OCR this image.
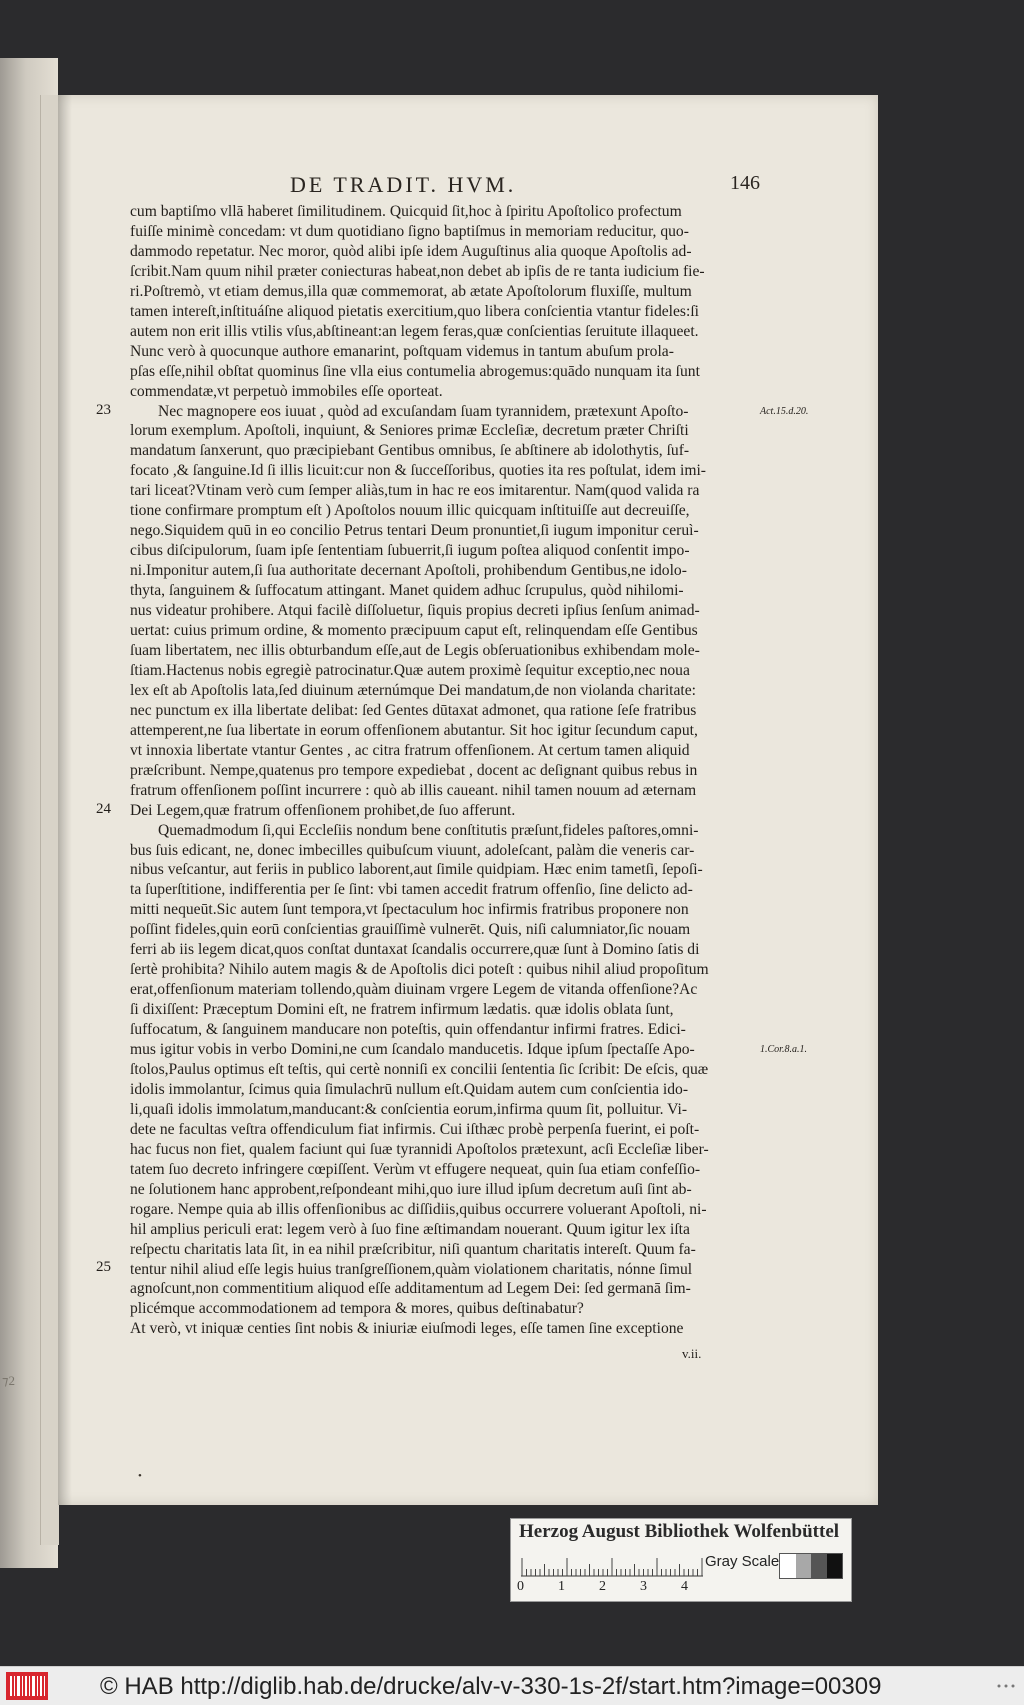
⁊2
DE TRADIT. HVM.	146
cum baptiſmo vllā haberet ſimilitudinem. Quicquid ſit,hoc à ſpiritu Apoſtolico profectum
fuiſſe minimè concedam: vt dum quotidiano ſigno baptiſmus in memoriam reducitur, quo-
dammodo repetatur. Nec moror, quòd alibi ipſe idem Auguſtinus alia quoque Apoſtolis ad-
ſcribit.Nam quum nihil præter coniecturas habeat,non debet ab ipſis de re tanta iudicium fie-
ri.Poſtremò, vt etiam demus,illa quæ commemorat, ab ætate Apoſtolorum fluxiſſe, multum
tamen intereſt,inſtituáſne aliquod pietatis exercitium,quo libera conſcientia vtantur fideles:ſi
autem non erit illis vtilis vſus,abſtineant:an legem feras,quæ conſcientias ſeruitute illaqueet.
Nunc verò à quocunque authore emanarint, poſtquam videmus in tantum abuſum prola-
pſas eſſe,nihil obſtat quominus ſine vlla eius contumelia abrogemus:quādo nunquam ita ſunt
commendatæ,vt perpetuò immobiles eſſe oporteat.
Nec magnopere eos iuuat , quòd ad excuſandam ſuam tyrannidem, prætexunt Apoſto-
lorum exemplum. Apoſtoli, inquiunt, & Seniores primæ Eccleſiæ, decretum præter Chriſti
mandatum ſanxerunt, quo præcipiebant Gentibus omnibus, ſe abſtinere ab idolothytis, ſuf-
focato ,& ſanguine.Id ſi illis licuit:cur non & ſucceſſoribus, quoties ita res poſtulat, idem imi-
tari liceat?Vtinam verò cum ſemper aliàs,tum in hac re eos imitarentur. Nam(quod valida ra
tione confirmare promptum eſt ) Apoſtolos nouum illic quicquam inſtituiſſe aut decreuiſſe,
nego.Siquidem quū in eo concilio Petrus tentari Deum pronuntiet,ſi iugum imponitur ceruì-
cibus diſcipulorum, ſuam ipſe ſententiam ſubuerrit,ſi iugum poſtea aliquod conſentit impo-
ni.Imponitur autem,ſi ſua authoritate decernant Apoſtoli, prohibendum Gentibus,ne idolo-
thyta, ſanguinem & ſuffocatum attingant. Manet quidem adhuc ſcrupulus, quòd nihilomi-
nus videatur prohibere. Atqui facilè diſſoluetur, ſiquis propius decreti ipſius ſenſum animad-
uertat: cuius primum ordine, & momento præcipuum caput eſt, relinquendam eſſe Gentibus
ſuam libertatem, nec illis obturbandum eſſe,aut de Legis obſeruationibus exhibendam mole-
ſtiam.Hactenus nobis egregiè patrocinatur.Quæ autem proximè ſequitur exceptio,nec noua
lex eſt ab Apoſtolis lata,ſed diuinum æternúmque Dei mandatum,de non violanda charitate:
nec punctum ex illa libertate delibat: ſed Gentes dūtaxat admonet, qua ratione ſeſe fratribus
attemperent,ne ſua libertate in eorum offenſionem abutantur. Sit hoc igitur ſecundum caput,
vt innoxia libertate vtantur Gentes , ac citra fratrum offenſionem. At certum tamen aliquid
præſcribunt. Nempe,quatenus pro tempore expediebat , docent ac deſignant quibus rebus in
fratrum offenſionem poſſint incurrere : quò ab illis caueant. nihil tamen nouum ad æternam
Dei Legem,quæ fratrum offenſionem prohibet,de ſuo afferunt.
Quemadmodum ſi,qui Eccleſiis nondum bene conſtitutis præſunt,fideles paſtores,omni-
bus ſuis edicant, ne, donec imbecilles quibuſcum viuunt, adoleſcant, palàm die veneris car-
nibus veſcantur, aut feriis in publico laborent,aut ſimile quidpiam. Hæc enim tametſi, ſepoſi-
ta ſuperſtitione, indifferentia per ſe ſint: vbi tamen accedit fratrum offenſio, ſine delicto ad-
mitti nequeūt.Sic autem ſunt tempora,vt ſpectaculum hoc infirmis fratribus proponere non
poſſint fideles,quin eorū conſcientias grauiſſimè vulnerēt. Quis, niſi calumniator,ſic nouam
ferri ab iis legem dicat,quos conſtat duntaxat ſcandalis occurrere,quæ ſunt à Domino ſatis di
ſertè prohibita? Nihilo autem magis & de Apoſtolis dici poteſt : quibus nihil aliud propoſitum
erat,offenſionum materiam tollendo,quàm diuinam vrgere Legem de vitanda offenſione?Ac
ſi dixiſſent: Præceptum Domini eſt, ne fratrem infirmum lædatis. quæ idolis oblata ſunt,
ſuffocatum, & ſanguinem manducare non poteſtis, quin offendantur infirmi fratres. Edici-
mus igitur vobis in verbo Domini,ne cum ſcandalo manducetis. Idque ipſum ſpectaſſe Apo-
ſtolos,Paulus optimus eſt teſtis, qui certè nonniſi ex concilii ſententia ſic ſcribit: De eſcis, quæ
idolis immolantur, ſcimus quia ſimulachrū nullum eſt.Quidam autem cum conſcientia ido-
li,quaſi idolis immolatum,manducant:& conſcientia eorum,infirma quum ſit, polluitur. Vi-
dete ne facultas veſtra offendiculum fiat infirmis. Cui iſthæc probè perpenſa fuerint, ei poſt-
hac fucus non fiet, qualem faciunt qui ſuæ tyrannidi Apoſtolos prætexunt, acſi Eccleſiæ liber-
tatem ſuo decreto infringere cœpiſſent. Verùm vt effugere nequeat, quin ſua etiam confeſſio-
ne ſolutionem hanc approbent,reſpondeant mihi,quo iure illud ipſum decretum auſi ſint ab-
rogare. Nempe quia ab illis offenſionibus ac diſſidiis,quibus occurrere voluerant Apoſtoli, ni-
hil amplius periculi erat: legem verò à ſuo fine æſtimandam nouerant. Quum igitur lex iſta
reſpectu charitatis lata ſit, in ea nihil præſcribitur, niſi quantum charitatis intereſt. Quum fa-
tentur nihil aliud eſſe legis huius tranſgreſſionem,quàm violationem charitatis, nónne ſimul
agnoſcunt,non commentitium aliquod eſſe additamentum ad Legem Dei: ſed germanā ſim-
plicémque accommodationem ad tempora & mores, quibus deſtinabatur?
At verò, vt iniquæ centies ſint nobis & iniuriæ eiuſmodi leges, eſſe tamen ſine exceptione
23
24
25
Act.15.d.20.
1.Cor.8.a.1.
v.ii.
•
Herzog August Bibliothek Wolfenbüttel
0 1 2 3 4
Gray Scale
© HAB http://diglib.hab.de/drucke/alv-v-330-1s-2f/start.htm?image=00309
